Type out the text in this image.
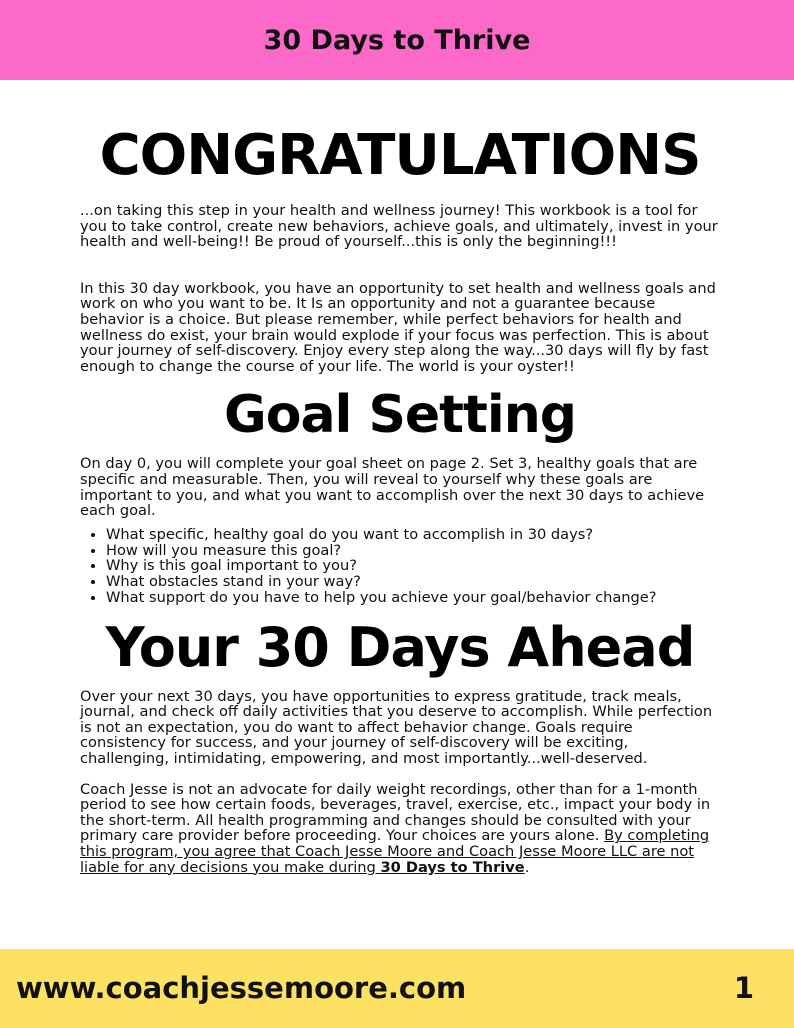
30 Days to Thrive
CONGRATULATIONS

...on taking this step in your health and wellness journey! This workbook is a tool for you to take control, create new behaviors, achieve goals, and ultimately, invest in your health and well-being!! Be proud of yourself...this is only the beginning!!!

In this 30 day workbook, you have an opportunity to set health and wellness goals and work on who you want to be. It Is an opportunity and not a guarantee because behavior is a choice. But please remember, while perfect behaviors for health and wellness do exist, your brain would explode if your focus was perfection. This is about your journey of self-discovery. Enjoy every step along the way...30 days will fly by fast enough to change the course of your life. The world is your oyster!!

Goal Setting

On day 0, you will complete your goal sheet on page 2. Set 3, healthy goals that are specific and measurable. Then, you will reveal to yourself why these goals are important to you, and what you want to accomplish over the next 30 days to achieve each goal.

• What specific, healthy goal do you want to accomplish in 30 days?
• How will you measure this goal?
• Why is this goal important to you?
• What obstacles stand in your way?
• What support do you have to help you achieve your goal/behavior change?
Your 30 Days Ahead

Over your next 30 days, you have opportunities to express gratitude, track meals, journal, and check off daily activities that you deserve to accomplish. While perfection is not an expectation, you do want to affect behavior change. Goals require consistency for success, and your journey of self-discovery will be exciting, challenging, intimidating, empowering, and most importantly...well-deserved.

Coach Jesse is not an advocate for daily weight recordings, other than for a 1-month period to see how certain foods, beverages, travel, exercise, etc., impact your body in the short-term. All health programming and changes should be consulted with your primary care provider before proceeding. Your choices are yours alone. By completing this program, you agree that Coach Jesse Moore and Coach Jesse Moore LLC are not liable for any decisions you make during 30 Days to Thrive.

www.coachjessemoore.com	1
